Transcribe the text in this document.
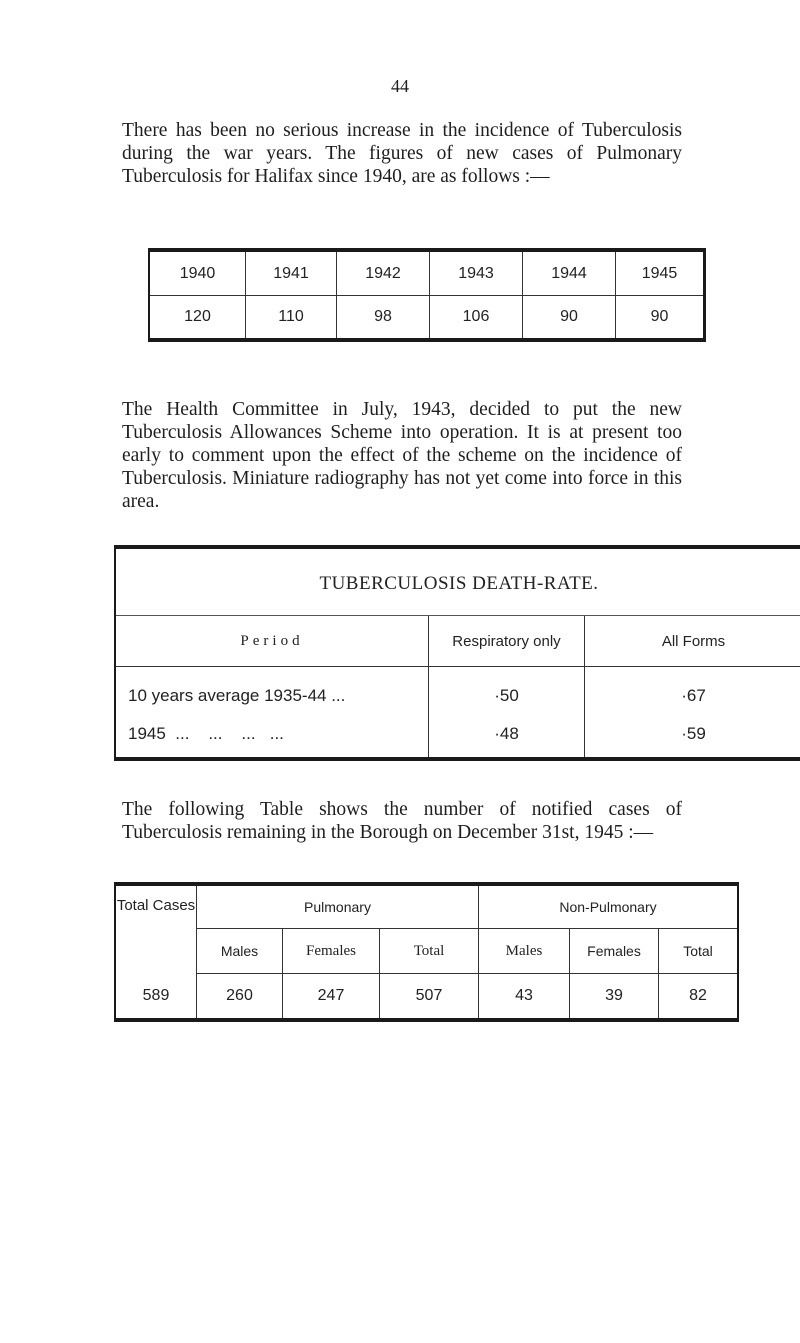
44

There has been no serious increase in the incidence of Tuberculosis during the war years. The figures of new cases of Pulmonary Tuberculosis for Halifax since 1940, are as follows :—

1940	1941	1942	1943	1944	1945
120	110	98	106	90	90

The Health Committee in July, 1943, decided to put the new Tuberculosis Allowances Scheme into operation. It is at present too early to comment upon the effect of the scheme on the incidence of Tuberculosis. Miniature radiography has not yet come into force in this area.

TUBERCULOSIS DEATH-RATE.		
Period	Respiratory only	All Forms
10 years average 1935-44 ...	·50	·67
1945  ...    ...    ...   ...	·48	·59

The following Table shows the number of notified cases of Tuberculosis remaining in the Borough on December 31st, 1945 :—

Total Cases	Pulmonary			Non-Pulmonary		
	Males	Females	Total	Males	Females	Total
589	260	247	507	43	39	82
